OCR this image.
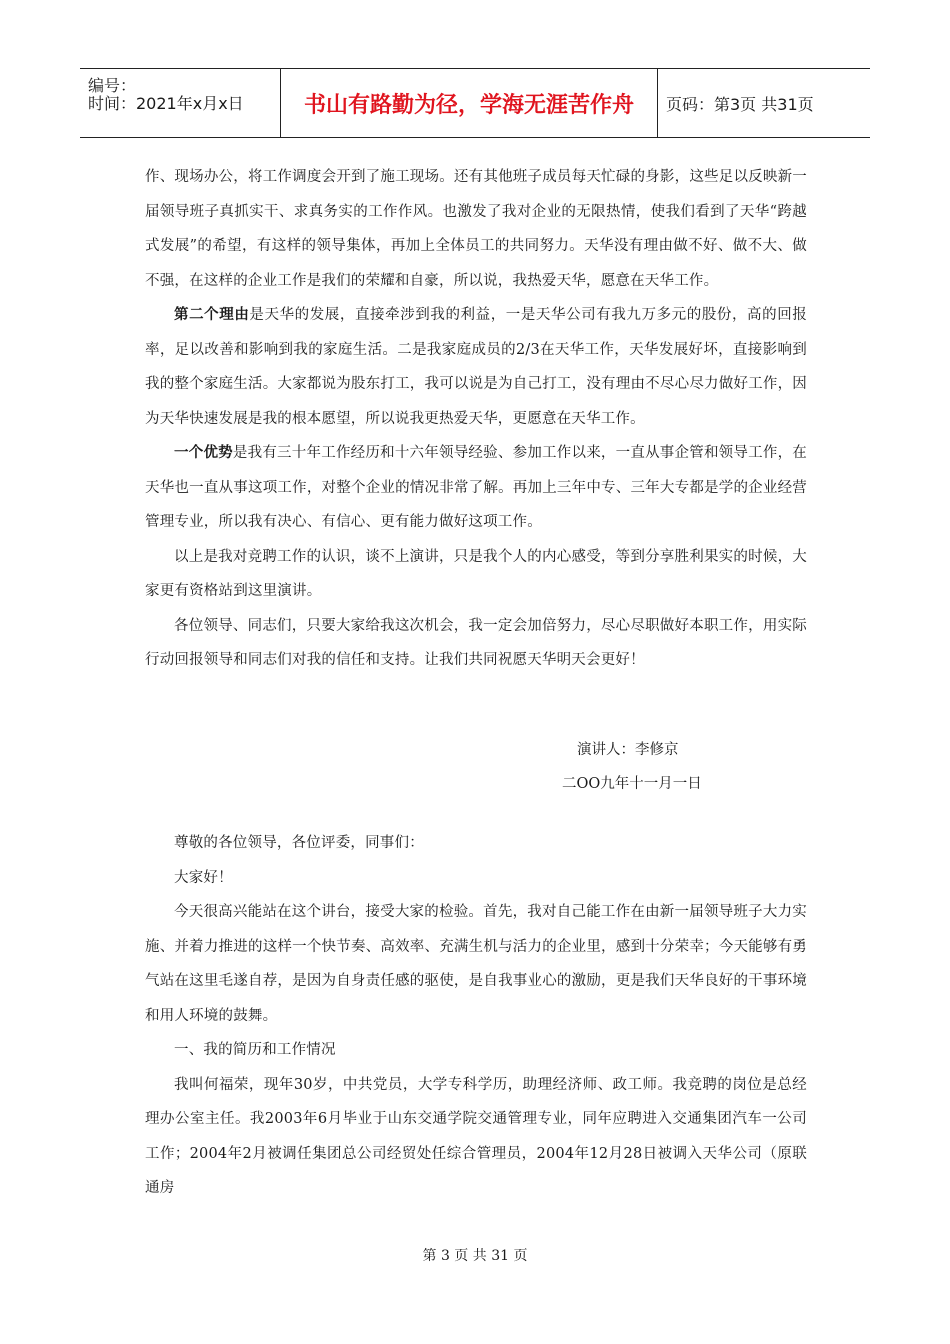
编号：
时间：2021年x月x日	书山有路勤为径，学海无涯苦作舟	页码：第3页 共31页

作、现场办公，将工作调度会开到了施工现场。还有其他班子成员每天忙碌的身影，这些足以反映新一届领导班子真抓实干、求真务实的工作作风。也激发了我对企业的无限热情，使我们看到了天华“跨越式发展”的希望，有这样的领导集体，再加上全体员工的共同努力。天华没有理由做不好、做不大、做不强，在这样的企业工作是我们的荣耀和自豪，所以说，我热爱天华，愿意在天华工作。

第二个理由是天华的发展，直接牵涉到我的利益，一是天华公司有我九万多元的股份，高的回报率，足以改善和影响到我的家庭生活。二是我家庭成员的2/3在天华工作，天华发展好坏，直接影响到我的整个家庭生活。大家都说为股东打工，我可以说是为自己打工，没有理由不尽心尽力做好工作，因为天华快速发展是我的根本愿望，所以说我更热爱天华，更愿意在天华工作。

一个优势是我有三十年工作经历和十六年领导经验、参加工作以来，一直从事企管和领导工作，在天华也一直从事这项工作，对整个企业的情况非常了解。再加上三年中专、三年大专都是学的企业经营管理专业，所以我有决心、有信心、更有能力做好这项工作。

以上是我对竞聘工作的认识，谈不上演讲，只是我个人的内心感受，等到分享胜利果实的时候，大家更有资格站到这里演讲。

各位领导、同志们，只要大家给我这次机会，我一定会加倍努力，尽心尽职做好本职工作，用实际行动回报领导和同志们对我的信任和支持。让我们共同祝愿天华明天会更好！

演讲人：李修京
二OO九年十一月一日

尊敬的各位领导，各位评委，同事们：

大家好！

今天很高兴能站在这个讲台，接受大家的检验。首先，我对自己能工作在由新一届领导班子大力实施、并着力推进的这样一个快节奏、高效率、充满生机与活力的企业里，感到十分荣幸；今天能够有勇气站在这里毛遂自荐，是因为自身责任感的驱使，是自我事业心的激励，更是我们天华良好的干事环境和用人环境的鼓舞。

一、我的简历和工作情况

我叫何福荣，现年30岁，中共党员，大学专科学历，助理经济师、政工师。我竞聘的岗位是总经理办公室主任。我2003年6月毕业于山东交通学院交通管理专业，同年应聘进入交通集团汽车一公司工作；2004年2月被调任集团总公司经贸处任综合管理员，2004年12月28日被调入天华公司（原联通房

第 3 页 共 31 页
